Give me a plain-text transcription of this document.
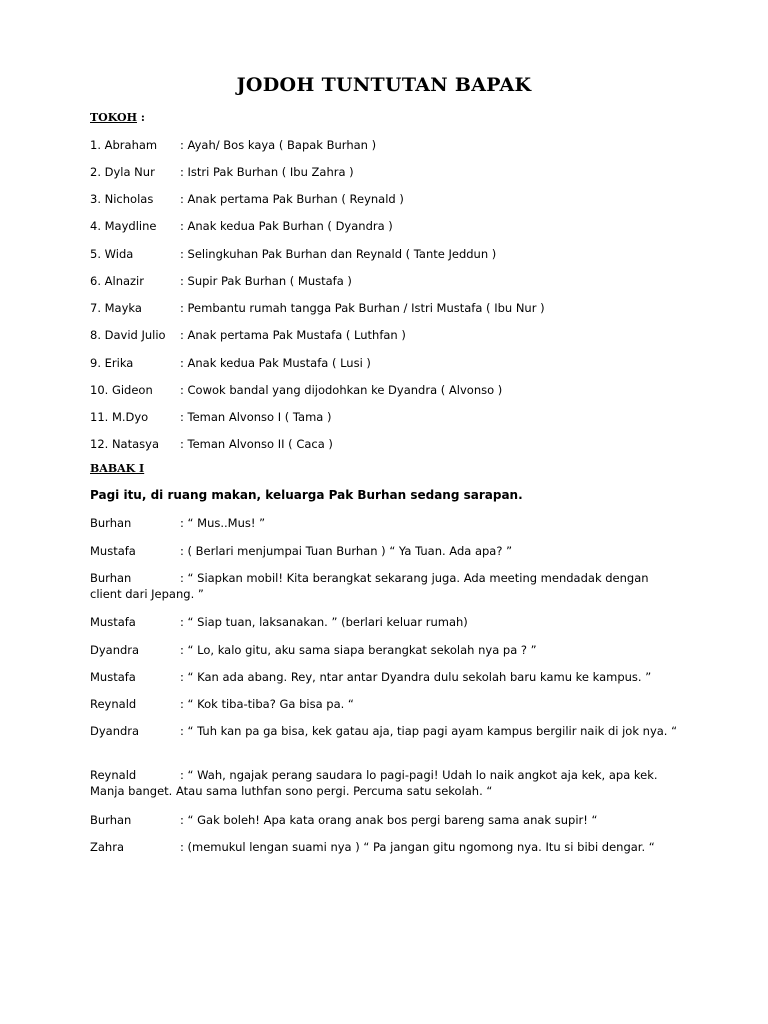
JODOH TUNTUTAN BAPAK
TOKOH :
1. Abraham : Ayah/ Bos kaya ( Bapak Burhan )
2. Dyla Nur : Istri Pak Burhan ( Ibu Zahra )
3. Nicholas : Anak pertama Pak Burhan ( Reynald )
4. Maydline : Anak kedua Pak Burhan ( Dyandra )
5. Wida	: Selingkuhan Pak Burhan dan Reynald ( Tante Jeddun )
6. Alnazir	: Supir Pak Burhan ( Mustafa )
7. Mayka	: Pembantu rumah tangga Pak Burhan / Istri Mustafa ( Ibu Nur )
8. David Julio : Anak pertama Pak Mustafa ( Luthfan )
9. Erika	: Anak kedua Pak Mustafa ( Lusi )
10. Gideon : Cowok bandal yang dijodohkan ke Dyandra ( Alvonso )
11. M.Dyo	: Teman Alvonso I ( Tama )
12. Natasya : Teman Alvonso II ( Caca )
BABAK I
Pagi itu, di ruang makan, keluarga Pak Burhan sedang sarapan.
Burhan	: “ Mus..Mus! ”
Mustafa	: ( Berlari menjumpai Tuan Burhan ) “ Ya Tuan. Ada apa? ”
Burhan	: “ Siapkan mobil! Kita berangkat sekarang juga. Ada meeting mendadak dengan client dari Jepang. ”
Mustafa	: “ Siap tuan, laksanakan. ” (berlari keluar rumah)
Dyandra	: “ Lo, kalo gitu, aku sama siapa berangkat sekolah nya pa ? ”
Mustafa	: “ Kan ada abang. Rey, ntar antar Dyandra dulu sekolah baru kamu ke kampus. ”
Reynald	: “ Kok tiba-tiba? Ga bisa pa. “
Dyandra	: “ Tuh kan pa ga bisa, kek gatau aja, tiap pagi ayam kampus bergilir naik di jok nya. “
Reynald	: “ Wah, ngajak perang saudara lo pagi-pagi! Udah lo naik angkot aja kek, apa kek. Manja banget. Atau sama luthfan sono pergi. Percuma satu sekolah. “
Burhan	: “ Gak boleh! Apa kata orang anak bos pergi bareng sama anak supir! “
Zahra	: (memukul lengan suami nya ) “ Pa jangan gitu ngomong nya. Itu si bibi dengar. “
